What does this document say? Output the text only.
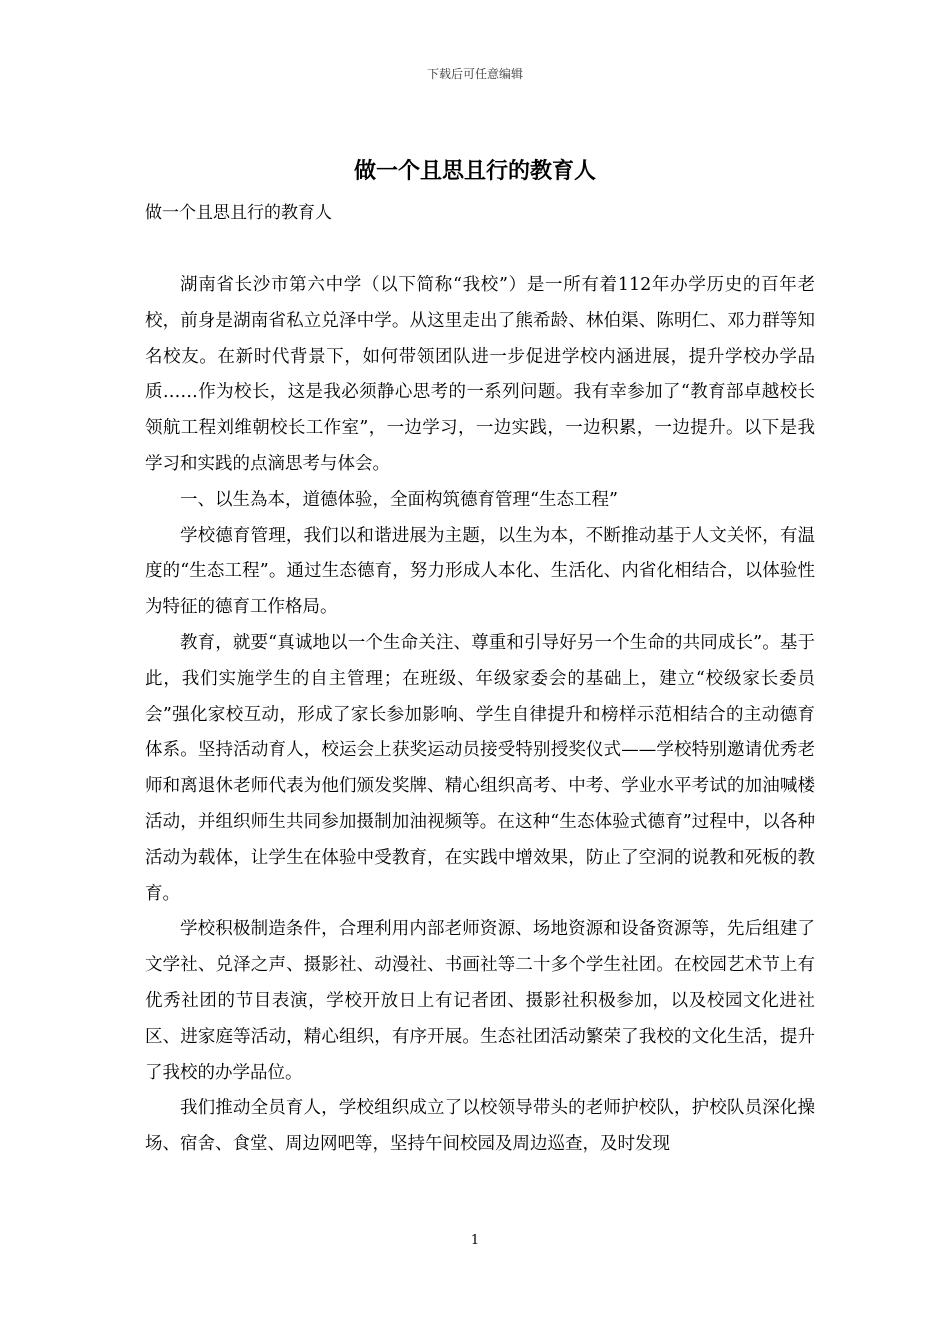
下载后可任意编辑
做一个且思且行的教育人

做一个且思且行的教育人

湖南省长沙市第六中学（以下简称“我校”）是一所有着112年办学历史的百年老校，前身是湖南省私立兑泽中学。从这里走出了熊希龄、林伯渠、陈明仁、邓力群等知名校友。在新时代背景下，如何带领团队进一步促进学校内涵进展，提升学校办学品质……作为校长，这是我必须静心思考的一系列问题。我有幸参加了“教育部卓越校长领航工程刘维朝校长工作室”，一边学习，一边实践，一边积累，一边提升。以下是我学习和实践的点滴思考与体会。

一、以生為本，道德体验，全面构筑德育管理“生态工程”

学校德育管理，我们以和谐进展为主题，以生为本，不断推动基于人文关怀，有温度的“生态工程”。通过生态德育，努力形成人本化、生活化、内省化相结合，以体验性为特征的德育工作格局。

教育，就要“真诚地以一个生命关注、尊重和引导好另一个生命的共同成长”。基于此，我们实施学生的自主管理；在班级、年级家委会的基础上，建立“校级家长委员会”强化家校互动，形成了家长参加影响、学生自律提升和榜样示范相结合的主动德育体系。坚持活动育人，校运会上获奖运动员接受特别授奖仪式——学校特别邀请优秀老师和离退休老师代表为他们颁发奖牌、精心组织高考、中考、学业水平考试的加油喊楼活动，并组织师生共同参加摄制加油视频等。在这种“生态体验式德育”过程中，以各种活动为载体，让学生在体验中受教育，在实践中增效果，防止了空洞的说教和死板的教育。

学校积极制造条件，合理利用内部老师资源、场地资源和设备资源等，先后组建了文学社、兑泽之声、摄影社、动漫社、书画社等二十多个学生社团。在校园艺术节上有优秀社团的节目表演，学校开放日上有记者团、摄影社积极参加，以及校园文化进社区、进家庭等活动，精心组织，有序开展。生态社团活动繁荣了我校的文化生活，提升了我校的办学品位。

我们推动全员育人，学校组织成立了以校领导带头的老师护校队，护校队员深化操场、宿舍、食堂、周边网吧等，坚持午间校园及周边巡查，及时发现

1
